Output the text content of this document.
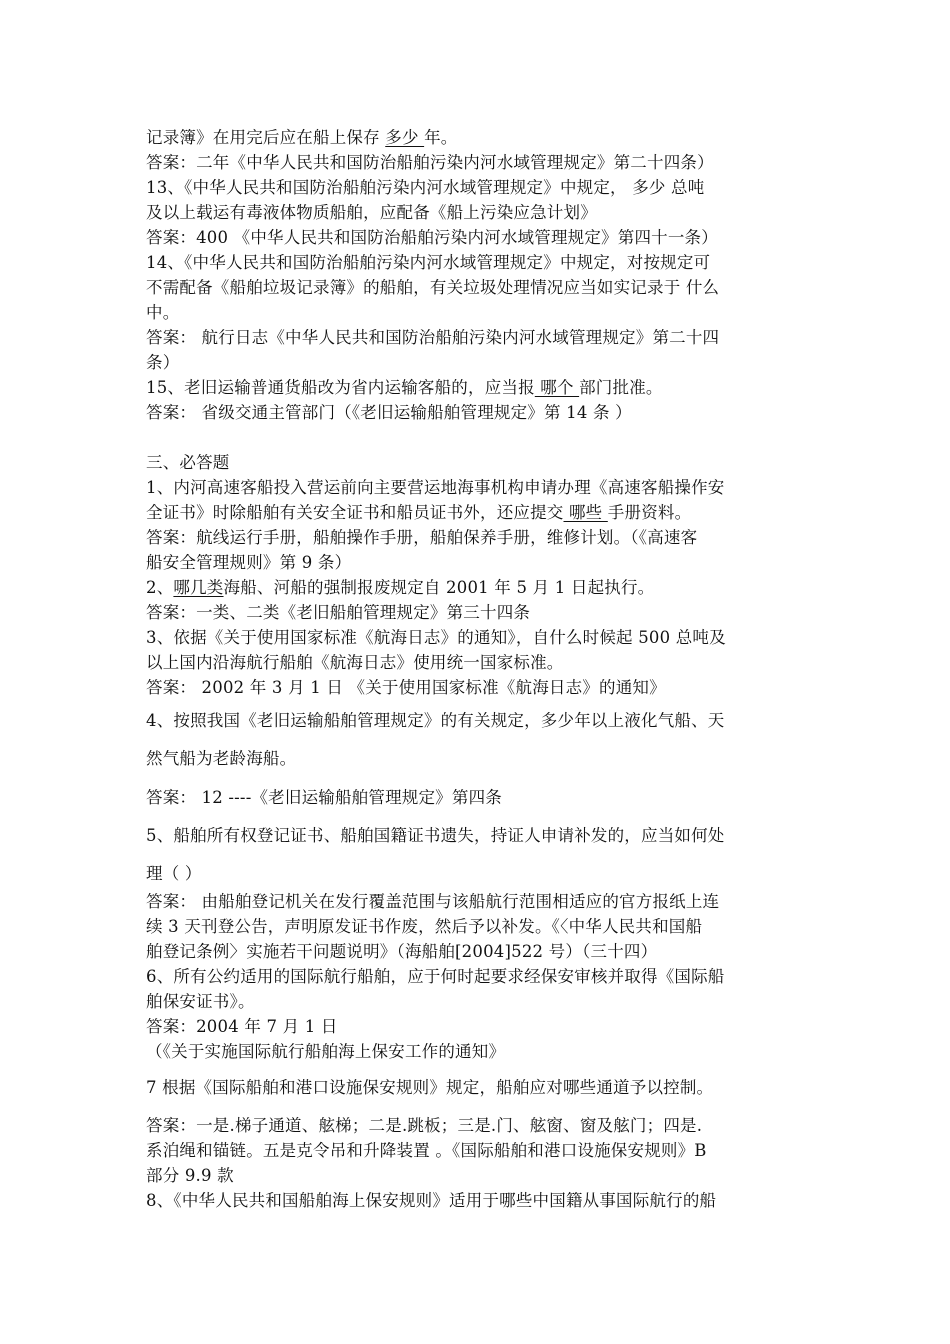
记录簿》在用完后应在船上保存 多少 年。
答案：二年《中华人民共和国防治船舶污染内河水域管理规定》第二十四条）
13、《中华人民共和国防治船舶污染内河水域管理规定》中规定， 多少 总吨
及以上载运有毒液体物质船舶，应配备《船上污染应急计划》
答案：400 《中华人民共和国防治船舶污染内河水域管理规定》第四十一条）
14、《中华人民共和国防治船舶污染内河水域管理规定》中规定，对按规定可
不需配备《船舶垃圾记录簿》的船舶，有关垃圾处理情况应当如实记录于 什么
中。
答案： 航行日志《中华人民共和国防治船舶污染内河水域管理规定》第二十四
条）
15、老旧运输普通货船改为省内运输客船的，应当报 哪个 部门批准。
答案： 省级交通主管部门（《老旧运输船舶管理规定》第 14 条 ）
三、必答题
1、内河高速客船投入营运前向主要营运地海事机构申请办理《高速客船操作安
全证书》时除船舶有关安全证书和船员证书外，还应提交 哪些 手册资料。
答案：航线运行手册，船舶操作手册，船舶保养手册，维修计划。（《高速客
船安全管理规则》第 9 条）
2、哪几类海船、河船的强制报废规定自 2001 年 5 月 1 日起执行。
答案：一类、二类《老旧船舶管理规定》第三十四条
3、依据《关于使用国家标准《航海日志》的通知》，自什么时候起 500 总吨及
以上国内沿海航行船舶《航海日志》使用统一国家标准。
答案： 2002 年 3 月 1 日 《关于使用国家标准《航海日志》的通知》
4、按照我国《老旧运输船舶管理规定》的有关规定，多少年以上液化气船、天
然气船为老龄海船。
答案： 12 ----《老旧运输船舶管理规定》第四条
5、船舶所有权登记证书、船舶国籍证书遗失，持证人申请补发的，应当如何处
理（ ）
答案： 由船舶登记机关在发行覆盖范围与该船航行范围相适应的官方报纸上连
续 3 天刊登公告，声明原发证书作废，然后予以补发。《〈中华人民共和国船
舶登记条例〉实施若干问题说明》（海船舶[2004]522 号）（三十四）
6、所有公约适用的国际航行船舶，应于何时起要求经保安审核并取得《国际船
舶保安证书》。
答案：2004 年 7 月 1 日
（《关于实施国际航行船舶海上保安工作的通知》
7 根据《国际船舶和港口设施保安规则》规定，船舶应对哪些通道予以控制。
答案：一是.梯子通道、舷梯；二是.跳板；三是.门、舷窗、窗及舷门；四是.
系泊绳和锚链。五是克令吊和升降装置 。《国际船舶和港口设施保安规则》B
部分 9.9 款
8、《中华人民共和国船舶海上保安规则》适用于哪些中国籍从事国际航行的船
